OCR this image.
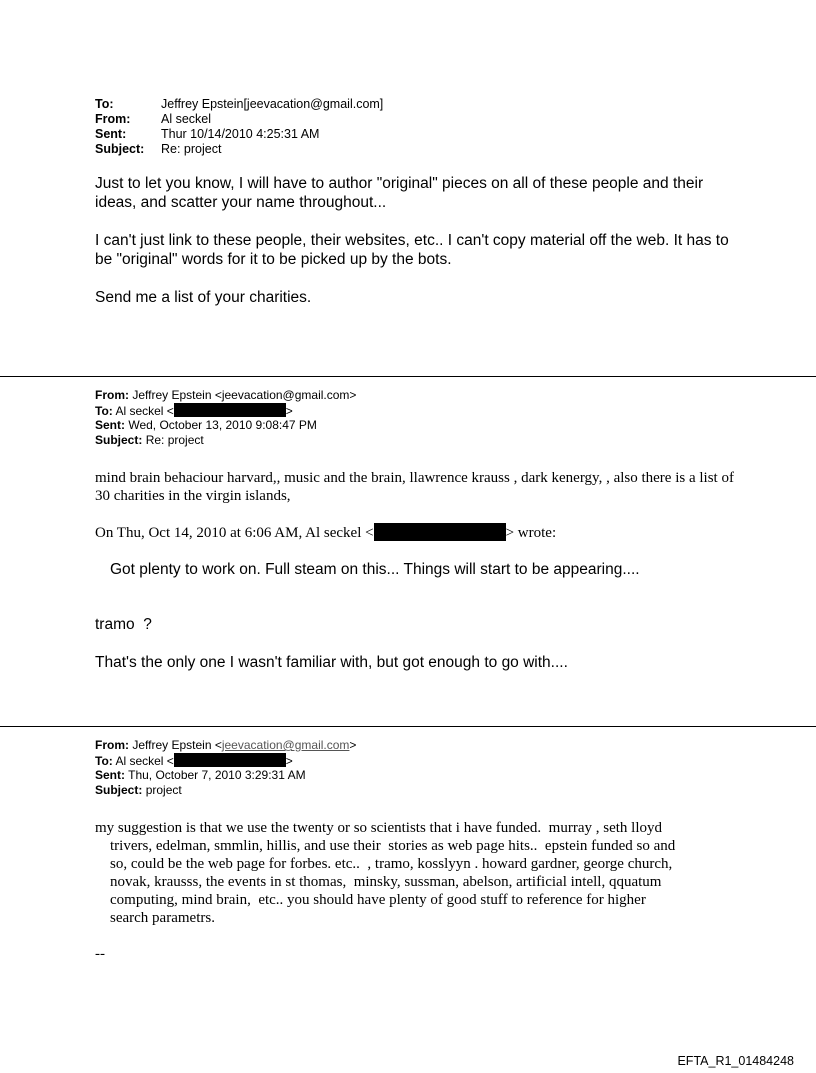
To:	Jeffrey Epstein[jeevacation@gmail.com]
From: Al seckel
Sent:	Thur 10/14/2010 4:25:31 AM
Subject: Re: project

Just to let you know, I will have to author "original" pieces on all of these people and their ideas, and scatter your name throughout...

I can't just link to these people, their websites, etc.. I can't copy material off the web. It has to be "original" words for it to be picked up by the bots.

Send me a list of your charities.

From: Jeffrey Epstein <jeevacation@gmail.com>
To: Al seckel <	>
Sent: Wed, October 13, 2010 9:08:47 PM
Subject: Re: project
mind brain behaciour harvard,, music and the brain, llawrence krauss , dark kenergy, , also there is a list of 30 charities in the virgin islands,
On Thu, Oct 14, 2010 at 6:06 AM, Al seckel <	> wrote:
Got plenty to work on. Full steam on this... Things will start to be appearing....
tramo  ?
That's the only one I wasn't familiar with, but got enough to go with....
From: Jeffrey Epstein <jeevacation@gmail.com>
To: Al seckel <	>
Sent: Thu, October 7, 2010 3:29:31 AM
Subject: project
my suggestion is that we use the twenty or so scientists that i have funded.  murray , seth lloyd
trivers, edelman, smmlin, hillis, and use their  stories as web page hits..  epstein funded so and
so, could be the web page for forbes. etc..  , tramo, kosslyyn . howard gardner, george church,
novak, krausss, the events in st thomas,  minsky, sussman, abelson, artificial intell, qquatum
computing, mind brain,  etc.. you should have plenty of good stuff to reference for higher
search parametrs.
--
EFTA_R1_01484248
